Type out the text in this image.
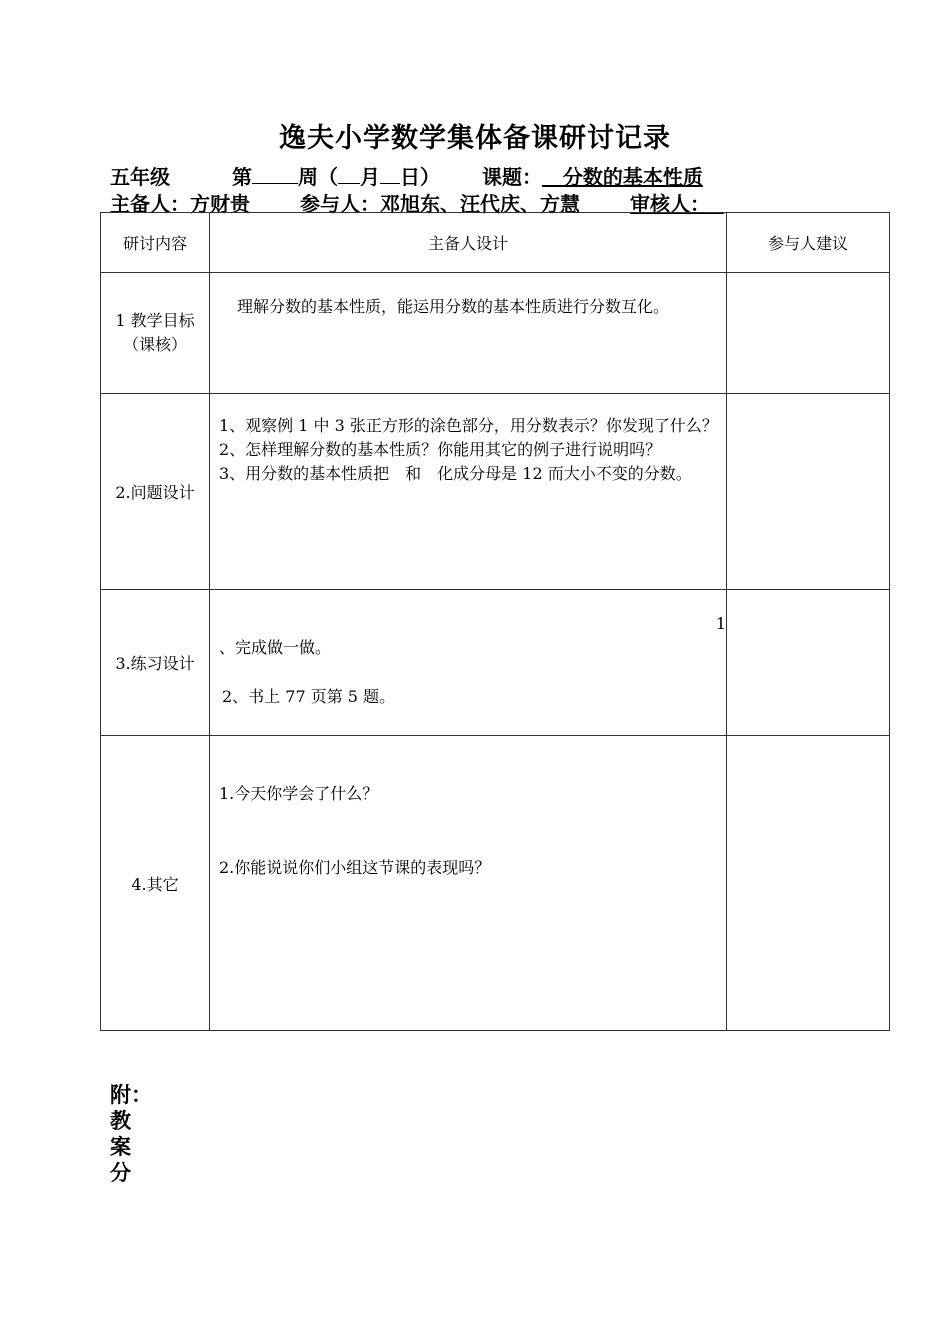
逸夫小学数学集体备课研讨记录
五年级	第 周（ 月 日） 课题： 分数的基本性质
主备人：方财贵	参与人：邓旭东、汪代庆、方慧	审核人：
研讨内容	主备人设计	参与人建议

1 教学目标
（课核）	理解分数的基本性质，能运用分数的基本性质进行分数互化。	

2.问题设计	1、观察例 1 中 3 张正方形的涂色部分，用分数表示？你发现了什么？
2、怎样理解分数的基本性质？你能用其它的例子进行说明吗？
3、用分数的基本性质把　和　化成分母是 12 而大小不变的分数。	

3.练习设计	1
、完成做一做。
2、书上 77 页第 5 题。	

4.其它	1.今天你学会了什么？
2.你能说说你们小组这节课的表现吗？	

附：教案分
